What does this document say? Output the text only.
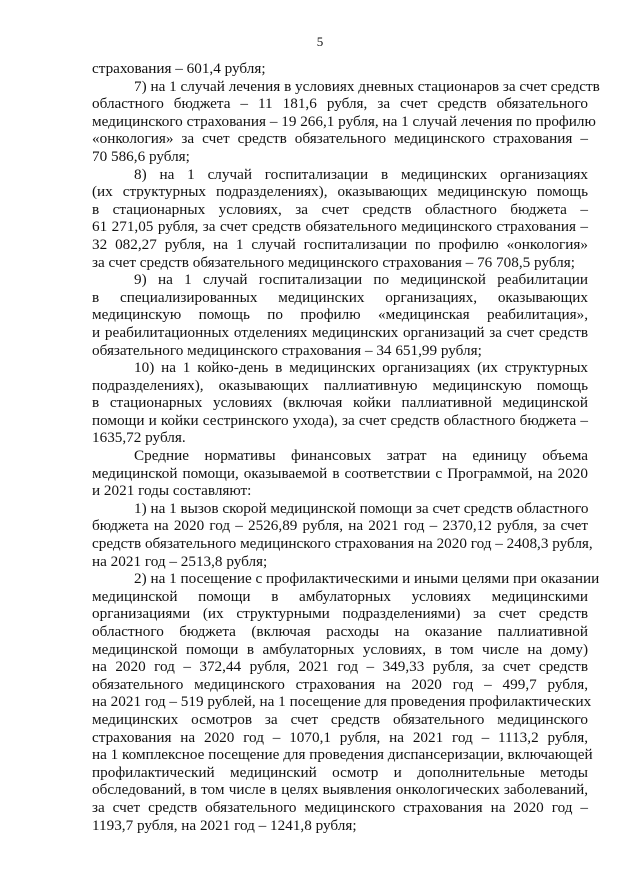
5
страхования – 601,4 рубля;
7) на 1 случай лечения в условиях дневных стационаров за счет средств
областного бюджета – 11 181,6 рубля, за счет средств обязательного
медицинского страхования – 19 266,1 рубля, на 1 случай лечения по профилю
«онкология» за счет средств обязательного медицинского страхования –
70 586,6 рубля;
8) на 1 случай госпитализации в медицинских организациях
(их структурных подразделениях), оказывающих медицинскую помощь
в стационарных условиях, за счет средств областного бюджета –
61 271,05 рубля, за счет средств обязательного медицинского страхования –
32 082,27 рубля, на 1 случай госпитализации по профилю «онкология»
за счет средств обязательного медицинского страхования – 76 708,5 рубля;
9) на 1 случай госпитализации по медицинской реабилитации
в специализированных медицинских организациях, оказывающих
медицинскую помощь по профилю «медицинская реабилитация»,
и реабилитационных отделениях медицинских организаций за счет средств
обязательного медицинского страхования – 34 651,99 рубля;
10) на 1 койко-день в медицинских организациях (их структурных
подразделениях), оказывающих паллиативную медицинскую помощь
в стационарных условиях (включая койки паллиативной медицинской
помощи и койки сестринского ухода), за счет средств областного бюджета –
1635,72 рубля.
Средние нормативы финансовых затрат на единицу объема
медицинской помощи, оказываемой в соответствии с Программой, на 2020
и 2021 годы составляют:
1) на 1 вызов скорой медицинской помощи за счет средств областного
бюджета на 2020 год – 2526,89 рубля, на 2021 год – 2370,12 рубля, за счет
средств обязательного медицинского страхования на 2020 год – 2408,3 рубля,
на 2021 год – 2513,8 рубля;
2) на 1 посещение с профилактическими и иными целями при оказании
медицинской помощи в амбулаторных условиях медицинскими
организациями (их структурными подразделениями) за счет средств
областного бюджета (включая расходы на оказание паллиативной
медицинской помощи в амбулаторных условиях, в том числе на дому)
на 2020 год – 372,44 рубля, 2021 год – 349,33 рубля, за счет средств
обязательного медицинского страхования на 2020 год – 499,7 рубля,
на 2021 год – 519 рублей, на 1 посещение для проведения профилактических
медицинских осмотров за счет средств обязательного медицинского
страхования на 2020 год – 1070,1 рубля, на 2021 год – 1113,2 рубля,
на 1 комплексное посещение для проведения диспансеризации, включающей
профилактический медицинский осмотр и дополнительные методы
обследований, в том числе в целях выявления онкологических заболеваний,
за счет средств обязательного медицинского страхования на 2020 год –
1193,7 рубля, на 2021 год – 1241,8 рубля;
